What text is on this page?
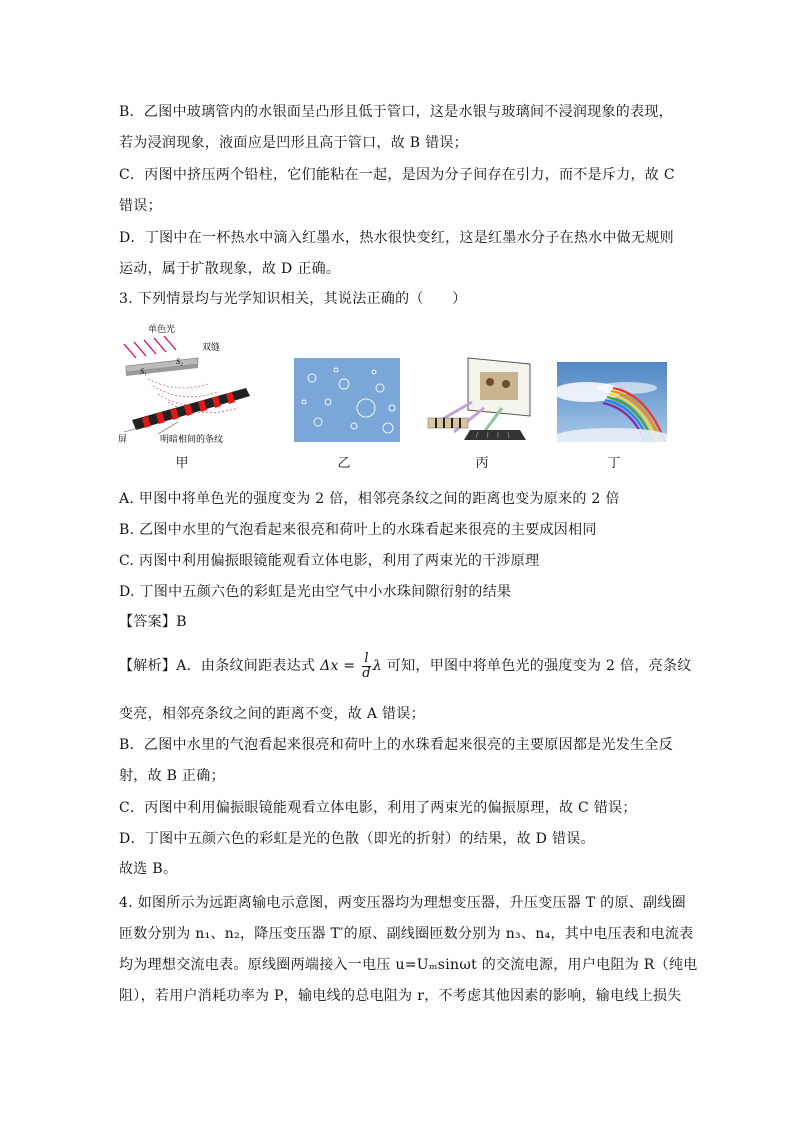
B．乙图中玻璃管内的水银面呈凸形且低于管口，这是水银与玻璃间不浸润现象的表现，
若为浸润现象，液面应是凹形且高于管口，故 B 错误；
C．丙图中挤压两个铅柱，它们能粘在一起，是因为分子间存在引力，而不是斥力，故 C
错误；
D．丁图中在一杯热水中滴入红墨水，热水很快变红，这是红墨水分子在热水中做无规则
运动，属于扩散现象，故 D 正确。
3. 下列情景均与光学知识相关，其说法正确的（　　）
单色光
双缝
S₁
S₂
屏	明暗相间的条纹
甲	乙	丙	丁
A. 甲图中将单色光的强度变为 2 倍，相邻亮条纹之间的距离也变为原来的 2 倍
B. 乙图中水里的气泡看起来很亮和荷叶上的水珠看起来很亮的主要成因相同
C. 丙图中利用偏振眼镜能观看立体电影，利用了两束光的干涉原理
D. 丁图中五颜六色的彩虹是光由空气中小水珠间隙衍射的结果
【答案】B
【解析】A．由条纹间距表达式 $\Delta x = \frac{l}{d}$ λ 可知，甲图中将单色光的强度变为 2 倍，亮条纹
变亮，相邻亮条纹之间的距离不变，故 A 错误；
B．乙图中水里的气泡看起来很亮和荷叶上的水珠看起来很亮的主要原因都是光发生全反
射，故 B 正确；
C．丙图中利用偏振眼镜能观看立体电影，利用了两束光的偏振原理，故 C 错误；
D．丁图中五颜六色的彩虹是光的色散（即光的折射）的结果，故 D 错误。
故选 B。
4. 如图所示为远距离输电示意图，两变压器均为理想变压器，升压变压器 T 的原、副线圈
匝数分别为 n₁、n₂，降压变压器 T′的原、副线圈匝数分别为 n₃、n₄，其中电压表和电流表
均为理想交流电表。原线圈两端接入一电压 u=Uₘsinωt 的交流电源，用户电阻为 R（纯电
阻），若用户消耗功率为 P，输电线的总电阻为 r，不考虑其他因素的影响，输电线上损失
